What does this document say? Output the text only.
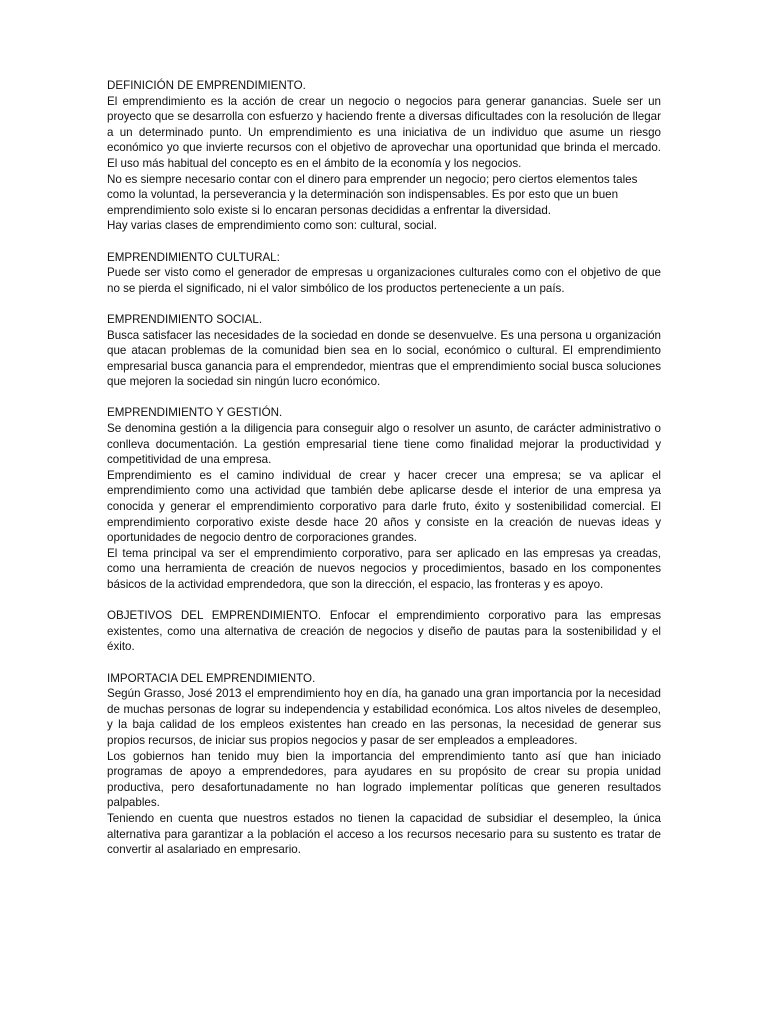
DEFINICIÓN DE EMPRENDIMIENTO.

El emprendimiento es la acción de crear un negocio o negocios para generar ganancias. Suele ser un proyecto que se desarrolla con esfuerzo y haciendo frente a diversas dificultades con la resolución de llegar a un determinado punto. Un emprendimiento es una iniciativa de un individuo que asume un riesgo económico yo que invierte recursos con el objetivo de aprovechar una oportunidad que brinda el mercado. El uso más habitual del concepto es en el ámbito de la economía y los negocios.

No es siempre necesario contar con el dinero para emprender un negocio; pero ciertos elementos tales como la voluntad, la perseverancia y la determinación son indispensables. Es por esto que un buen emprendimiento solo existe si lo encaran personas decididas a enfrentar la diversidad.

Hay varias clases de emprendimiento como son: cultural, social.

EMPRENDIMIENTO CULTURAL:

Puede ser visto como el generador de empresas u organizaciones culturales como con el objetivo de que no se pierda el significado, ni el valor simbólico de los productos perteneciente a un país.

EMPRENDIMIENTO SOCIAL.

Busca satisfacer las necesidades de la sociedad en donde se desenvuelve. Es una persona u organización que atacan problemas de la comunidad bien sea en lo social, económico o cultural. El emprendimiento empresarial busca ganancia para el emprendedor, mientras que el emprendimiento social busca soluciones que mejoren la sociedad sin ningún lucro económico.

EMPRENDIMIENTO Y GESTIÓN.

Se denomina gestión a la diligencia para conseguir algo o resolver un asunto, de carácter administrativo o conlleva documentación. La gestión empresarial tiene tiene como finalidad mejorar la productividad y competitividad de una empresa.

Emprendimiento es el camino individual de crear y hacer crecer una empresa; se va aplicar el emprendimiento como una actividad que también debe aplicarse desde el interior de una empresa ya conocida y generar el emprendimiento corporativo para darle fruto, éxito y sostenibilidad comercial. El emprendimiento corporativo existe desde hace 20 años y consiste en la creación de nuevas ideas y oportunidades de negocio dentro de corporaciones grandes.

El tema principal va ser el emprendimiento corporativo, para ser aplicado en las empresas ya creadas, como una herramienta de creación de nuevos negocios y procedimientos, basado en los componentes básicos de la actividad emprendedora, que son la dirección, el espacio, las fronteras y es apoyo.

OBJETIVOS DEL EMPRENDIMIENTO. Enfocar el emprendimiento corporativo para las empresas existentes, como una alternativa de creación de negocios y diseño de pautas para la sostenibilidad y el éxito.

IMPORTACIA DEL EMPRENDIMIENTO.

Según Grasso, José 2013 el emprendimiento hoy en día, ha ganado una gran importancia por la necesidad de muchas personas de lograr su independencia y estabilidad económica. Los altos niveles de desempleo, y la baja calidad de los empleos existentes han creado en las personas, la necesidad de generar sus propios recursos, de iniciar sus propios negocios y pasar de ser empleados a empleadores.

Los gobiernos han tenido muy bien la importancia del emprendimiento tanto así que han iniciado programas de apoyo a emprendedores, para ayudares en su propósito de crear su propia unidad productiva, pero desafortunadamente no han logrado implementar políticas que generen resultados palpables.

Teniendo en cuenta que nuestros estados no tienen la capacidad de subsidiar el desempleo, la única alternativa para garantizar a la población el acceso a los recursos necesario para su sustento es tratar de convertir al asalariado en empresario.
